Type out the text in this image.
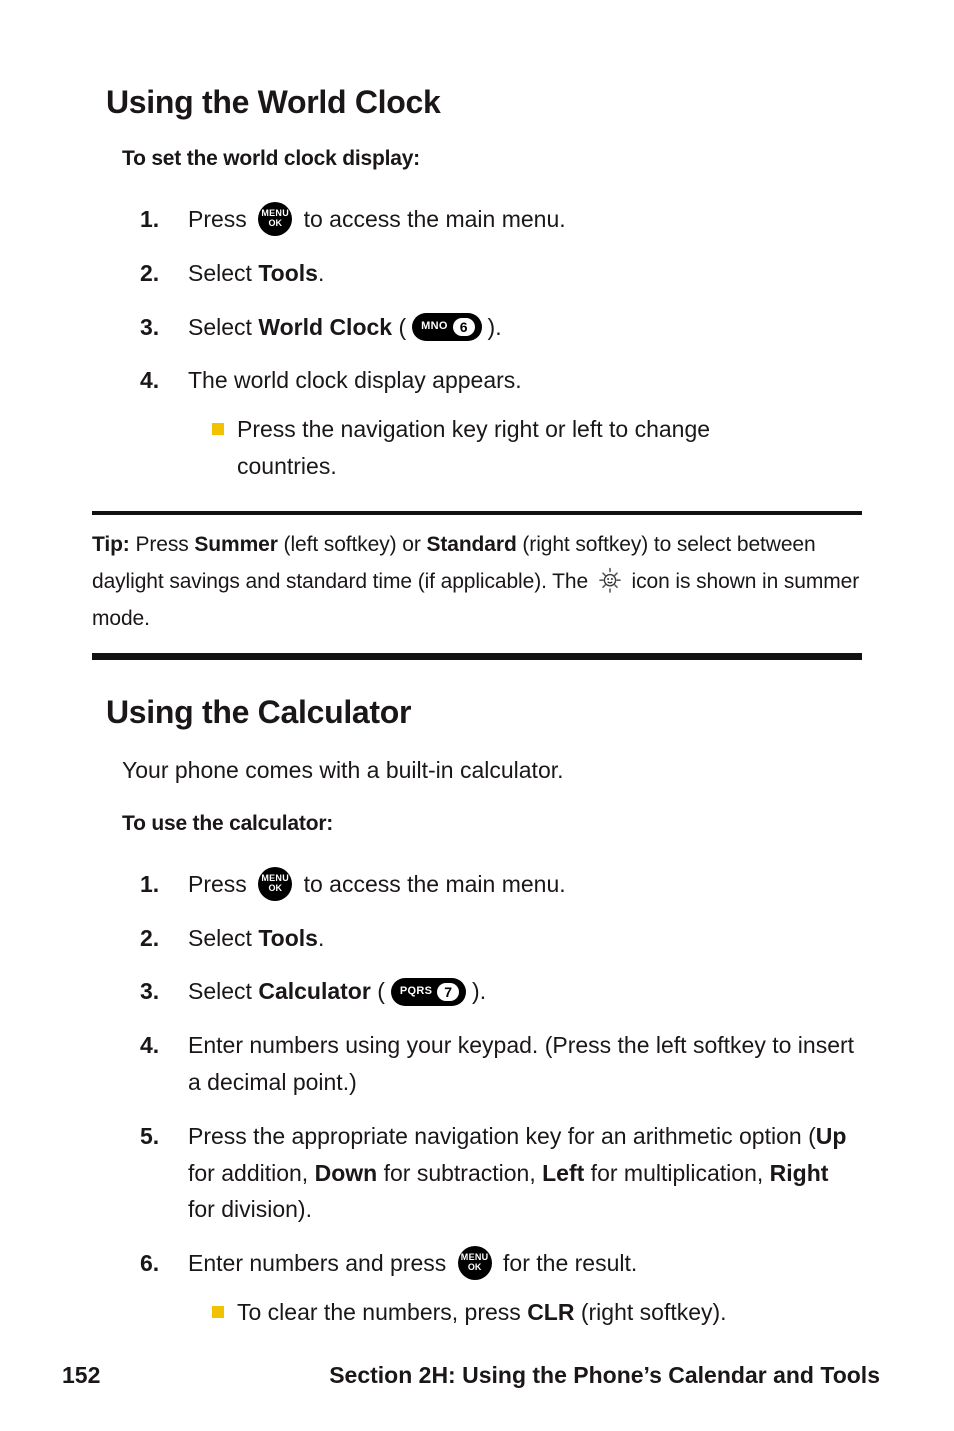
Using the World Clock
To set the world clock display:
1.	Press MENU
OK to access the main menu.
2.	Select Tools.
3.	Select World Clock ( MNO 6 ).
4.	The world clock display appears.
Press the navigation key right or left to change countries.
Tip: Press Summer (left softkey) or Standard (right softkey) to select between daylight savings and standard time (if applicable). The  icon is shown in summer mode.
Using the Calculator
Your phone comes with a built-in calculator.
To use the calculator:
1.	Press MENU
OK to access the main menu.
2.	Select Tools.
3.	Select Calculator ( PQRS 7 ).
4.	Enter numbers using your keypad. (Press the left softkey to insert a decimal point.)
5.	Press the appropriate navigation key for an arithmetic option (Up for addition, Down for subtraction, Left for multiplication, Right for division).
6.	Enter numbers and press MENU
OK for the result.
To clear the numbers, press CLR (right softkey).
152	Section 2H: Using the Phone’s Calendar and Tools
